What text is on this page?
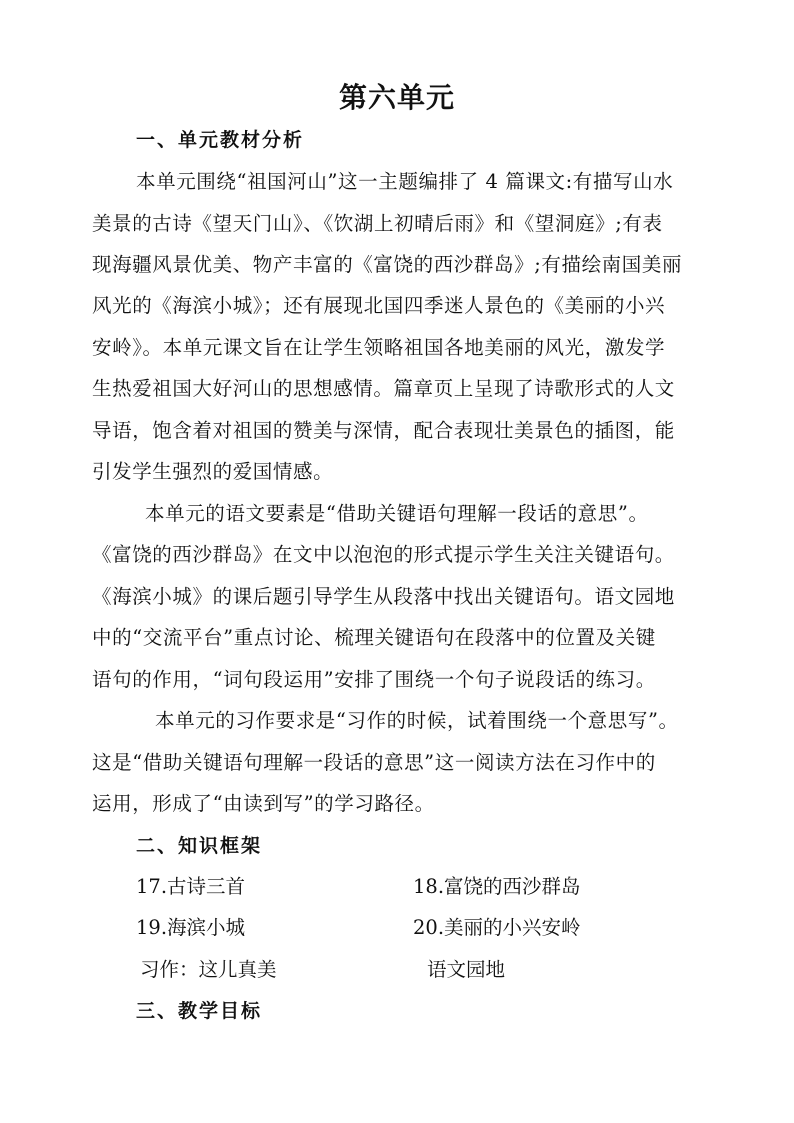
第六单元
一、单元教材分析
本单元围绕“祖国河山”这一主题编排了 4 篇课文:有描写山水
美景的古诗《望天门山》、《饮湖上初晴后雨》和《望洞庭》;有表
现海疆风景优美、物产丰富的《富饶的西沙群岛》;有描绘南国美丽
风光的《海滨小城》；还有展现北国四季迷人景色的《美丽的小兴
安岭》。本单元课文旨在让学生领略祖国各地美丽的风光，激发学
生热爱祖国大好河山的思想感情。篇章页上呈现了诗歌形式的人文
导语，饱含着对祖国的赞美与深情，配合表现壮美景色的插图，能
引发学生强烈的爱国情感。
本单元的语文要素是“借助关键语句理解一段话的意思”。
《富饶的西沙群岛》在文中以泡泡的形式提示学生关注关键语句。
《海滨小城》的课后题引导学生从段落中找出关键语句。语文园地
中的“交流平台”重点讨论、梳理关键语句在段落中的位置及关键
语句的作用，“词句段运用”安排了围绕一个句子说段话的练习。
本单元的习作要求是“习作的时候，试着围绕一个意思写”。
这是“借助关键语句理解一段话的意思”这一阅读方法在习作中的
运用，形成了“由读到写”的学习路径。
二、知识框架
17.古诗三首	18.富饶的西沙群岛
19.海滨小城	20.美丽的小兴安岭
习作：这儿真美	语文园地
三、教学目标
